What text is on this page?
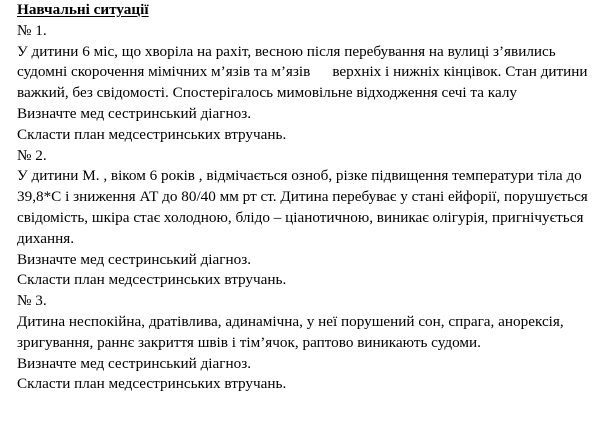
Навчальні ситуації
№ 1.
У дитини 6 міс, що хворіла на рахіт, весною після перебування на вулиці з’явились
судомні скорочення мімічних м’язів та м’язів верхніх і нижніх кінцівок. Стан дитини
важкий, без свідомості. Спостерігалось мимовільне відходження сечі та калу
Визначте мед сестринський діагноз.
Скласти план медсестринських втручань.
№ 2.
У дитини М. , віком 6 років , відмічається озноб, різке підвищення температури тіла до
39,8*С і зниження АТ до 80/40 мм рт ст. Дитина перебуває у стані ейфорії, порушується
свідомість, шкіра стає холодною, блідо – ціанотичною, виникає олігурія, пригнічується
дихання.
Визначте мед сестринський діагноз.
Скласти план медсестринських втручань.
№ 3.
Дитина неспокійна, дратівлива, адинамічна, у неї порушений сон, спрага, анорексія,
зригування, раннє закриття швів і тім’ячок, раптово виникають судоми.
Визначте мед сестринський діагноз.
Скласти план медсестринських втручань.
